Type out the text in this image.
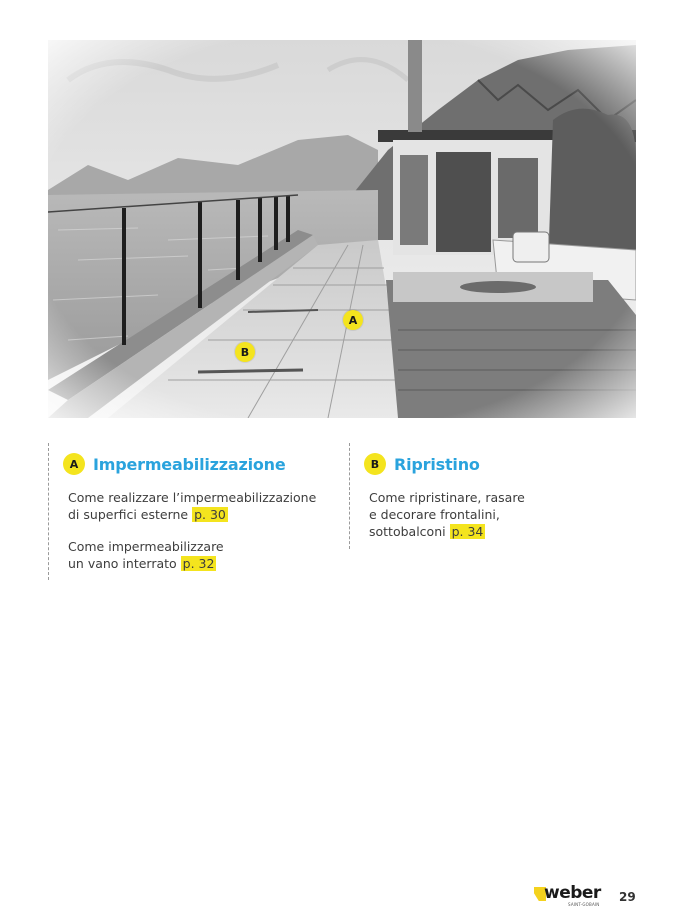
A
B
A Impermeabilizzazione

Come realizzare l’impermeabilizzazione
di superfici esterne p. 30

Come impermeabilizzare
un vano interrato p. 32

B Ripristino

Come ripristinare, rasare
e decorare frontalini,
sottobalconi p. 34

weber
SAINT-GOBAIN
29
